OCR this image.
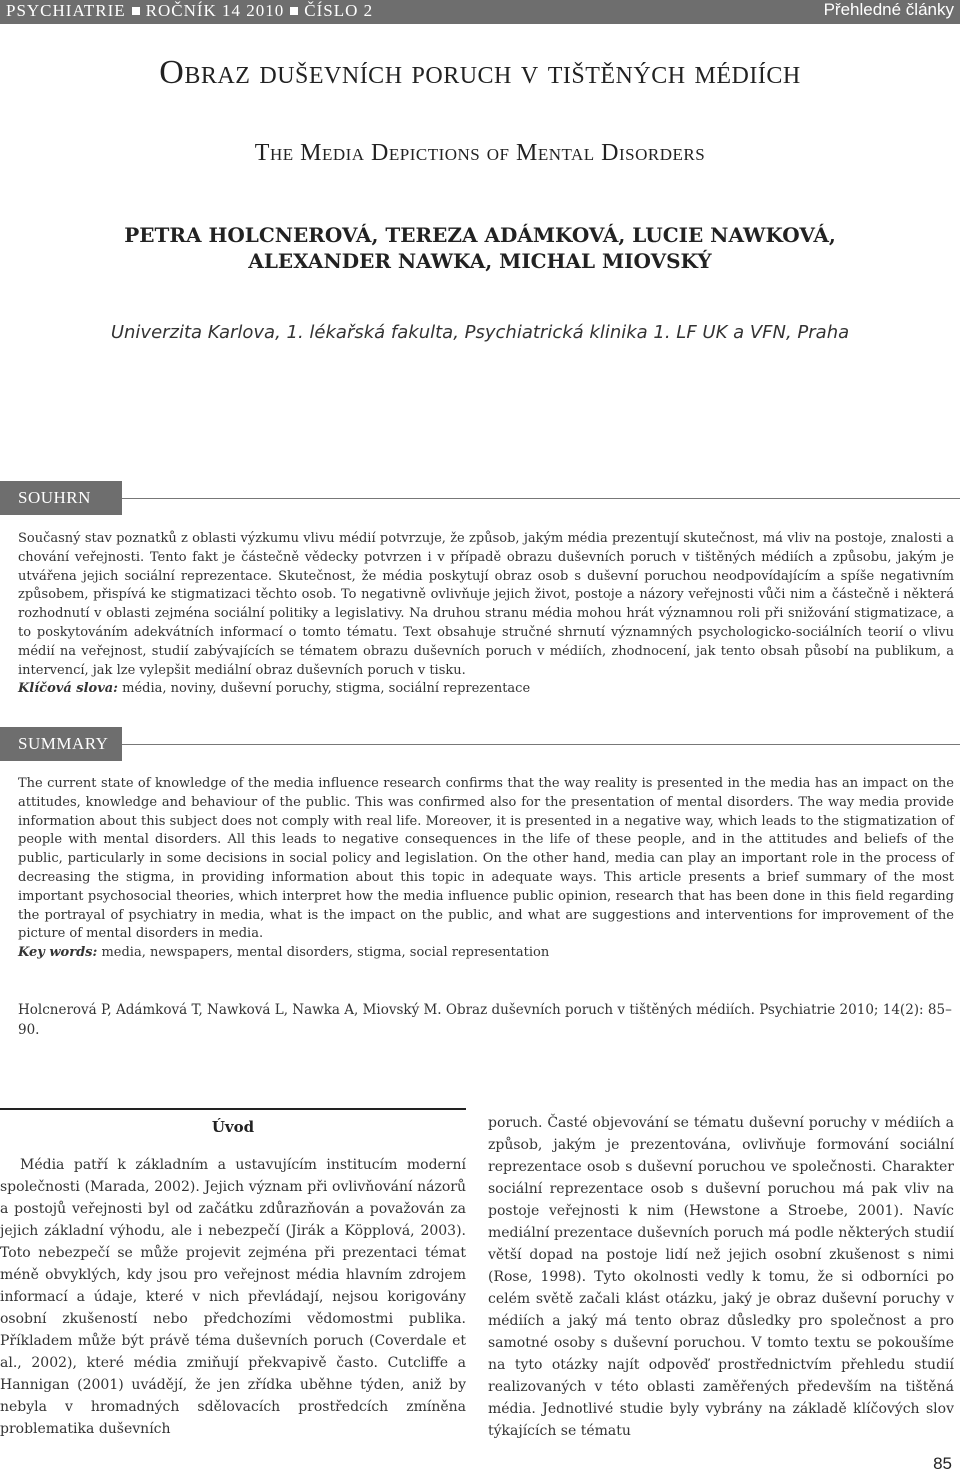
PSYCHIATRIE ROČNÍK 14 2010 ČÍSLO 2	Přehledné články
Obraz duševních poruch v tištěných médiích
The Media Depictions of Mental Disorders
PETRA HOLCNEROVÁ, TEREZA ADÁMKOVÁ, LUCIE NAWKOVÁ,
ALEXANDER NAWKA, MICHAL MIOVSKÝ
Univerzita Karlova, 1. lékařská fakulta, Psychiatrická klinika 1. LF UK a VFN, Praha
SOUHRN
Současný stav poznatků z oblasti výzkumu vlivu médií potvrzuje, že způsob, jakým média prezentují skutečnost, má vliv na postoje, znalosti a chování veřejnosti. Tento fakt je částečně vědecky potvrzen i v případě obrazu duševních poruch v tištěných médiích a způsobu, jakým je utvářena jejich sociální reprezentace. Skutečnost, že média poskytují obraz osob s duševní poruchou neodpovídajícím a spíše negativním způsobem, přispívá ke stigmatizaci těchto osob. To negativně ovlivňuje jejich život, postoje a názory veřejnosti vůči nim a částečně i některá rozhodnutí v oblasti zejména sociální politiky a legislativy. Na druhou stranu média mohou hrát významnou roli při snižování stigmatizace, a to poskytováním adekvátních informací o tomto tématu. Text obsahuje stručné shrnutí významných psychologicko-sociálních teorií o vlivu médií na veřejnost, studií zabývajících se tématem obrazu duševních poruch v médiích, zhodnocení, jak tento obsah působí na publikum, a intervencí, jak lze vylepšit mediální obraz duševních poruch v tisku.
Klíčová slova: média, noviny, duševní poruchy, stigma, sociální reprezentace
SUMMARY
The current state of knowledge of the media influence research confirms that the way reality is presented in the media has an impact on the attitudes, knowledge and behaviour of the public. This was confirmed also for the presentation of mental disorders. The way media provide information about this subject does not comply with real life. Moreover, it is presented in a negative way, which leads to the stigmatization of people with mental disorders. All this leads to negative consequences in the life of these people, and in the attitudes and beliefs of the public, particularly in some decisions in social policy and legislation. On the other hand, media can play an important role in the process of decreasing the stigma, in providing information about this topic in adequate ways. This article presents a brief summary of the most important psychosocial theories, which interpret how the media influence public opinion, research that has been done in this field regarding the portrayal of psychiatry in media, what is the impact on the public, and what are suggestions and interventions for improvement of the picture of mental disorders in media.
Key words: media, newspapers, mental disorders, stigma, social representation
Holcnerová P, Adámková T, Nawková L, Nawka A, Miovský M. Obraz duševních poruch v tištěných médiích. Psychiatrie 2010; 14(2): 85–90.
Úvod
Média patří k základním a ustavujícím institucím moderní společnosti (Marada, 2002). Jejich význam při ovlivňování názorů a postojů veřejnosti byl od začátku zdůrazňován a považován za jejich základní výhodu, ale i nebezpečí (Jirák a Köpplová, 2003). Toto nebezpečí se může projevit zejména při prezentaci témat méně obvyklých, kdy jsou pro veřejnost média hlavním zdrojem informací a údaje, které v nich převládají, nejsou korigovány osobní zkušeností nebo předchozími vědomostmi publika. Příkladem může být právě téma duševních poruch (Coverdale et al., 2002), které média zmiňují překvapivě často. Cutcliffe a Hannigan (2001) uvádějí, že jen zřídka uběhne týden, aniž by nebyla v hromadných sdělovacích prostředcích zmíněna problematika duševních
poruch. Časté objevování se tématu duševní poruchy v médiích a způsob, jakým je prezentována, ovlivňuje formování sociální reprezentace osob s duševní poruchou ve společnosti. Charakter sociální reprezentace osob s duševní poruchou má pak vliv na postoje veřejnosti k nim (Hewstone a Stroebe, 2001). Navíc mediální prezentace duševních poruch má podle některých studií větší dopad na postoje lidí než jejich osobní zkušenost s nimi (Rose, 1998). Tyto okolnosti vedly k tomu, že si odborníci po celém světě začali klást otázku, jaký je obraz duševní poruchy v médiích a jaký má tento obraz důsledky pro společnost a pro samotné osoby s duševní poruchou. V tomto textu se pokoušíme na tyto otázky najít odpověď prostřednictvím přehledu studií realizovaných v této oblasti zaměřených především na tištěná média. Jednotlivé studie byly vybrány na základě klíčových slov týkajících se tématu
85
